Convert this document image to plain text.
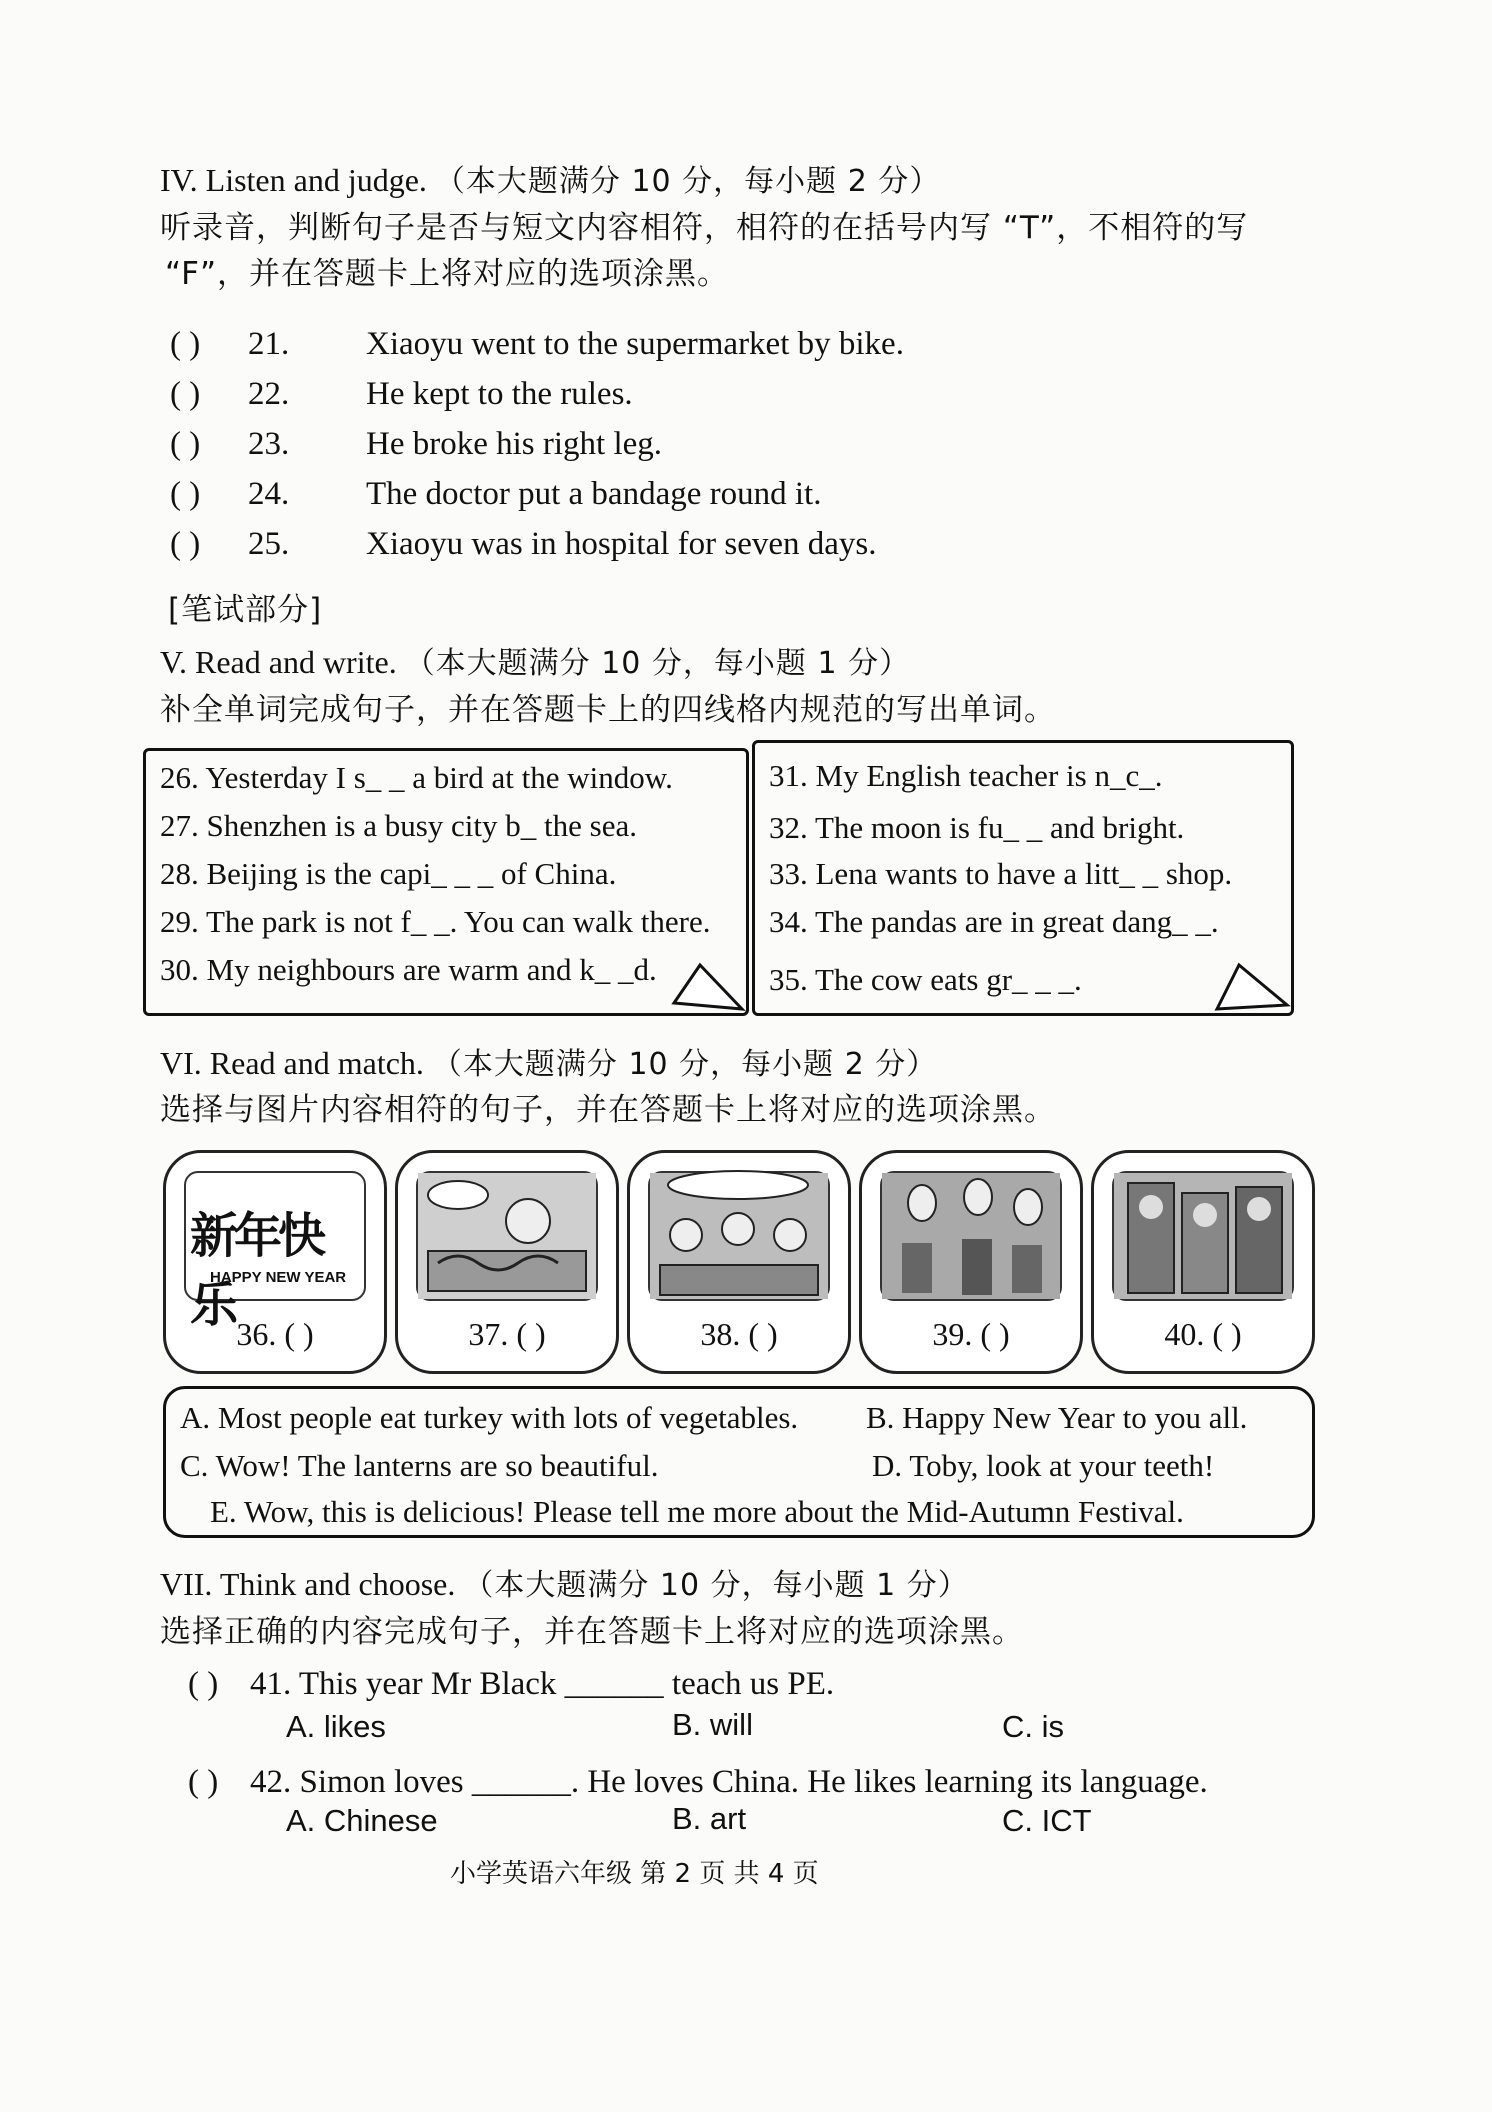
IV. Listen and judge. （本大题满分 10 分，每小题 2 分）
听录音，判断句子是否与短文内容相符，相符的在括号内写 “T”，不相符的写
“F”，并在答题卡上将对应的选项涂黑。
( ) 21. Xiaoyu went to the supermarket by bike.
( ) 22. He kept to the rules.
( ) 23. He broke his right leg.
( ) 24. The doctor put a bandage round it.
( ) 25. Xiaoyu was in hospital for seven days.
[笔试部分]
V. Read and write. （本大题满分 10 分，每小题 1 分）
补全单词完成句子，并在答题卡上的四线格内规范的写出单词。
26. Yesterday I s_ _ a bird at the window.
27. Shenzhen is a busy city b_ the sea.
28. Beijing is the capi_ _ _ of China.
29. The park is not f_ _. You can walk there.
30. My neighbours are warm and k_ _d.
31. My English teacher is n_c_.
32. The moon is fu_ _ and bright.
33. Lena wants to have a litt_ _ shop.
34. The pandas are in great dang_ _.
35. The cow eats gr_ _ _.
VI. Read and match. （本大题满分 10 分，每小题 2 分）
选择与图片内容相符的句子，并在答题卡上将对应的选项涂黑。
新年快乐
HAPPY NEW YEAR
36. ( )	37. ( )	38. ( )	39. ( )	40. ( )
A. Most people eat turkey with lots of vegetables. B. Happy New Year to you all.
C. Wow! The lanterns are so beautiful.	D. Toby, look at your teeth!
E. Wow, this is delicious! Please tell me more about the Mid-Autumn Festival.
VII. Think and choose. （本大题满分 10 分，每小题 1 分）
选择正确的内容完成句子，并在答题卡上将对应的选项涂黑。
( ) 41. This year Mr Black ______ teach us PE.
A. likes	B. will	C. is
( ) 42. Simon loves ______. He loves China. He likes learning its language.
A. Chinese	B. art	C. ICT
小学英语六年级 第 2 页 共 4 页
